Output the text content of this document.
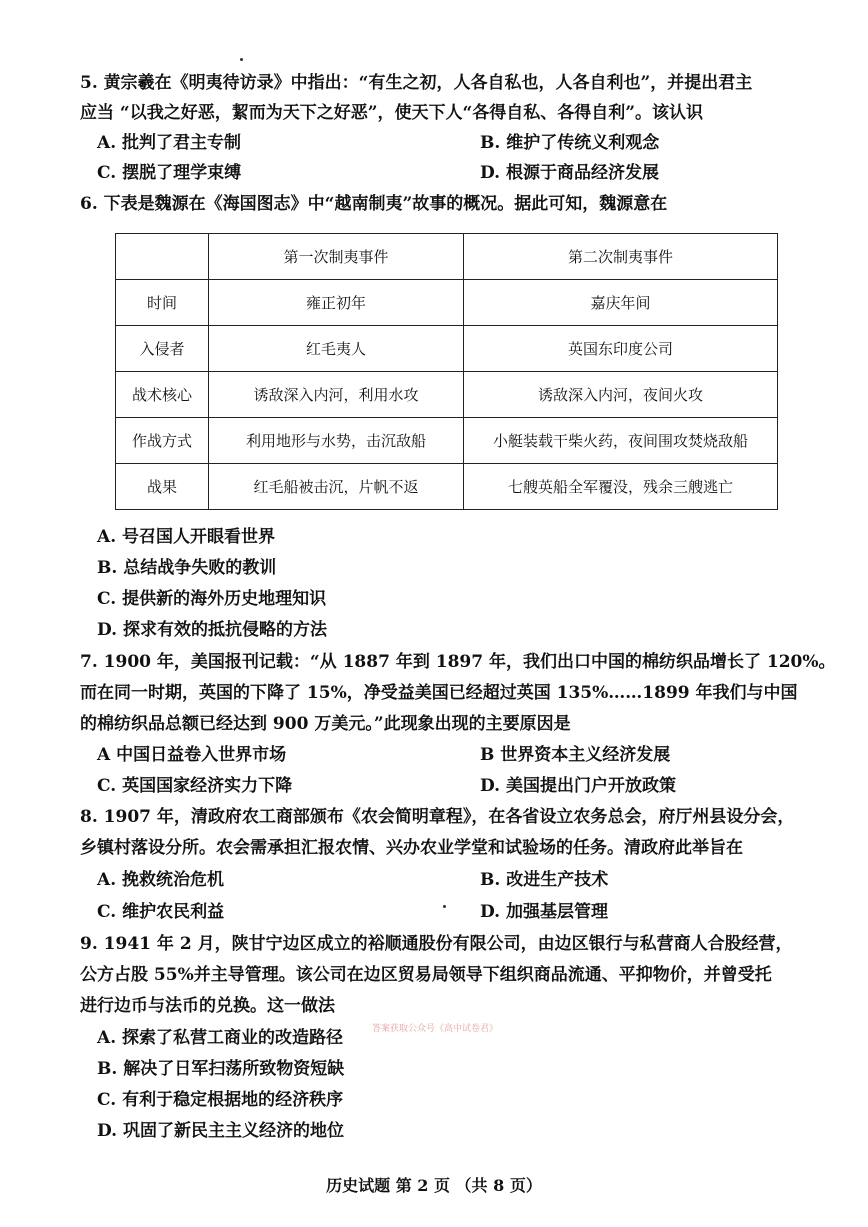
5. 黄宗羲在《明夷待访录》中指出：“有生之初，人各自私也，人各自利也”，并提出君主
应当 “以我之好恶，絜而为天下之好恶”，使天下人“各得自私、各得自利”。该认识
A. 批判了君主专制	B. 维护了传统义利观念
C. 摆脱了理学束缚	D. 根源于商品经济发展
6. 下表是魏源在《海国图志》中“越南制夷”故事的概况。据此可知，魏源意在
	第一次制夷事件	第二次制夷事件
时间	雍正初年	嘉庆年间
入侵者	红毛夷人	英国东印度公司
战术核心	诱敌深入内河，利用水攻	诱敌深入内河，夜间火攻
作战方式	利用地形与水势，击沉敌船	小艇装载干柴火药，夜间围攻焚烧敌船
战果	红毛船被击沉，片帆不返	七艘英船全军覆没，残余三艘逃亡
A. 号召国人开眼看世界
B. 总结战争失败的教训
C. 提供新的海外历史地理知识
D. 探求有效的抵抗侵略的方法
7. 1900 年，美国报刊记载：“从 1887 年到 1897 年，我们出口中国的棉纺织品增长了 120%。
而在同一时期，英国的下降了 15%，净受益美国已经超过英国 135%……1899 年我们与中国
的棉纺织品总额已经达到 900 万美元。”此现象出现的主要原因是
A 中国日益卷入世界市场	B 世界资本主义经济发展
C. 英国国家经济实力下降	D. 美国提出门户开放政策
8. 1907 年，清政府农工商部颁布《农会简明章程》，在各省设立农务总会，府厅州县设分会，
乡镇村落设分所。农会需承担汇报农情、兴办农业学堂和试验场的任务。清政府此举旨在
A. 挽救统治危机	B. 改进生产技术
C. 维护农民利益	D. 加强基层管理
9. 1941 年 2 月，陕甘宁边区成立的裕顺通股份有限公司，由边区银行与私营商人合股经营，
公方占股 55%并主导管理。该公司在边区贸易局领导下组织商品流通、平抑物价，并曾受托
进行边币与法币的兑换。这一做法
答案获取公众号《高中试卷君》
A. 探索了私营工商业的改造路径
B. 解决了日军扫荡所致物资短缺
C. 有利于稳定根据地的经济秩序
D. 巩固了新民主主义经济的地位
历史试题 第 2 页 （共 8 页）
